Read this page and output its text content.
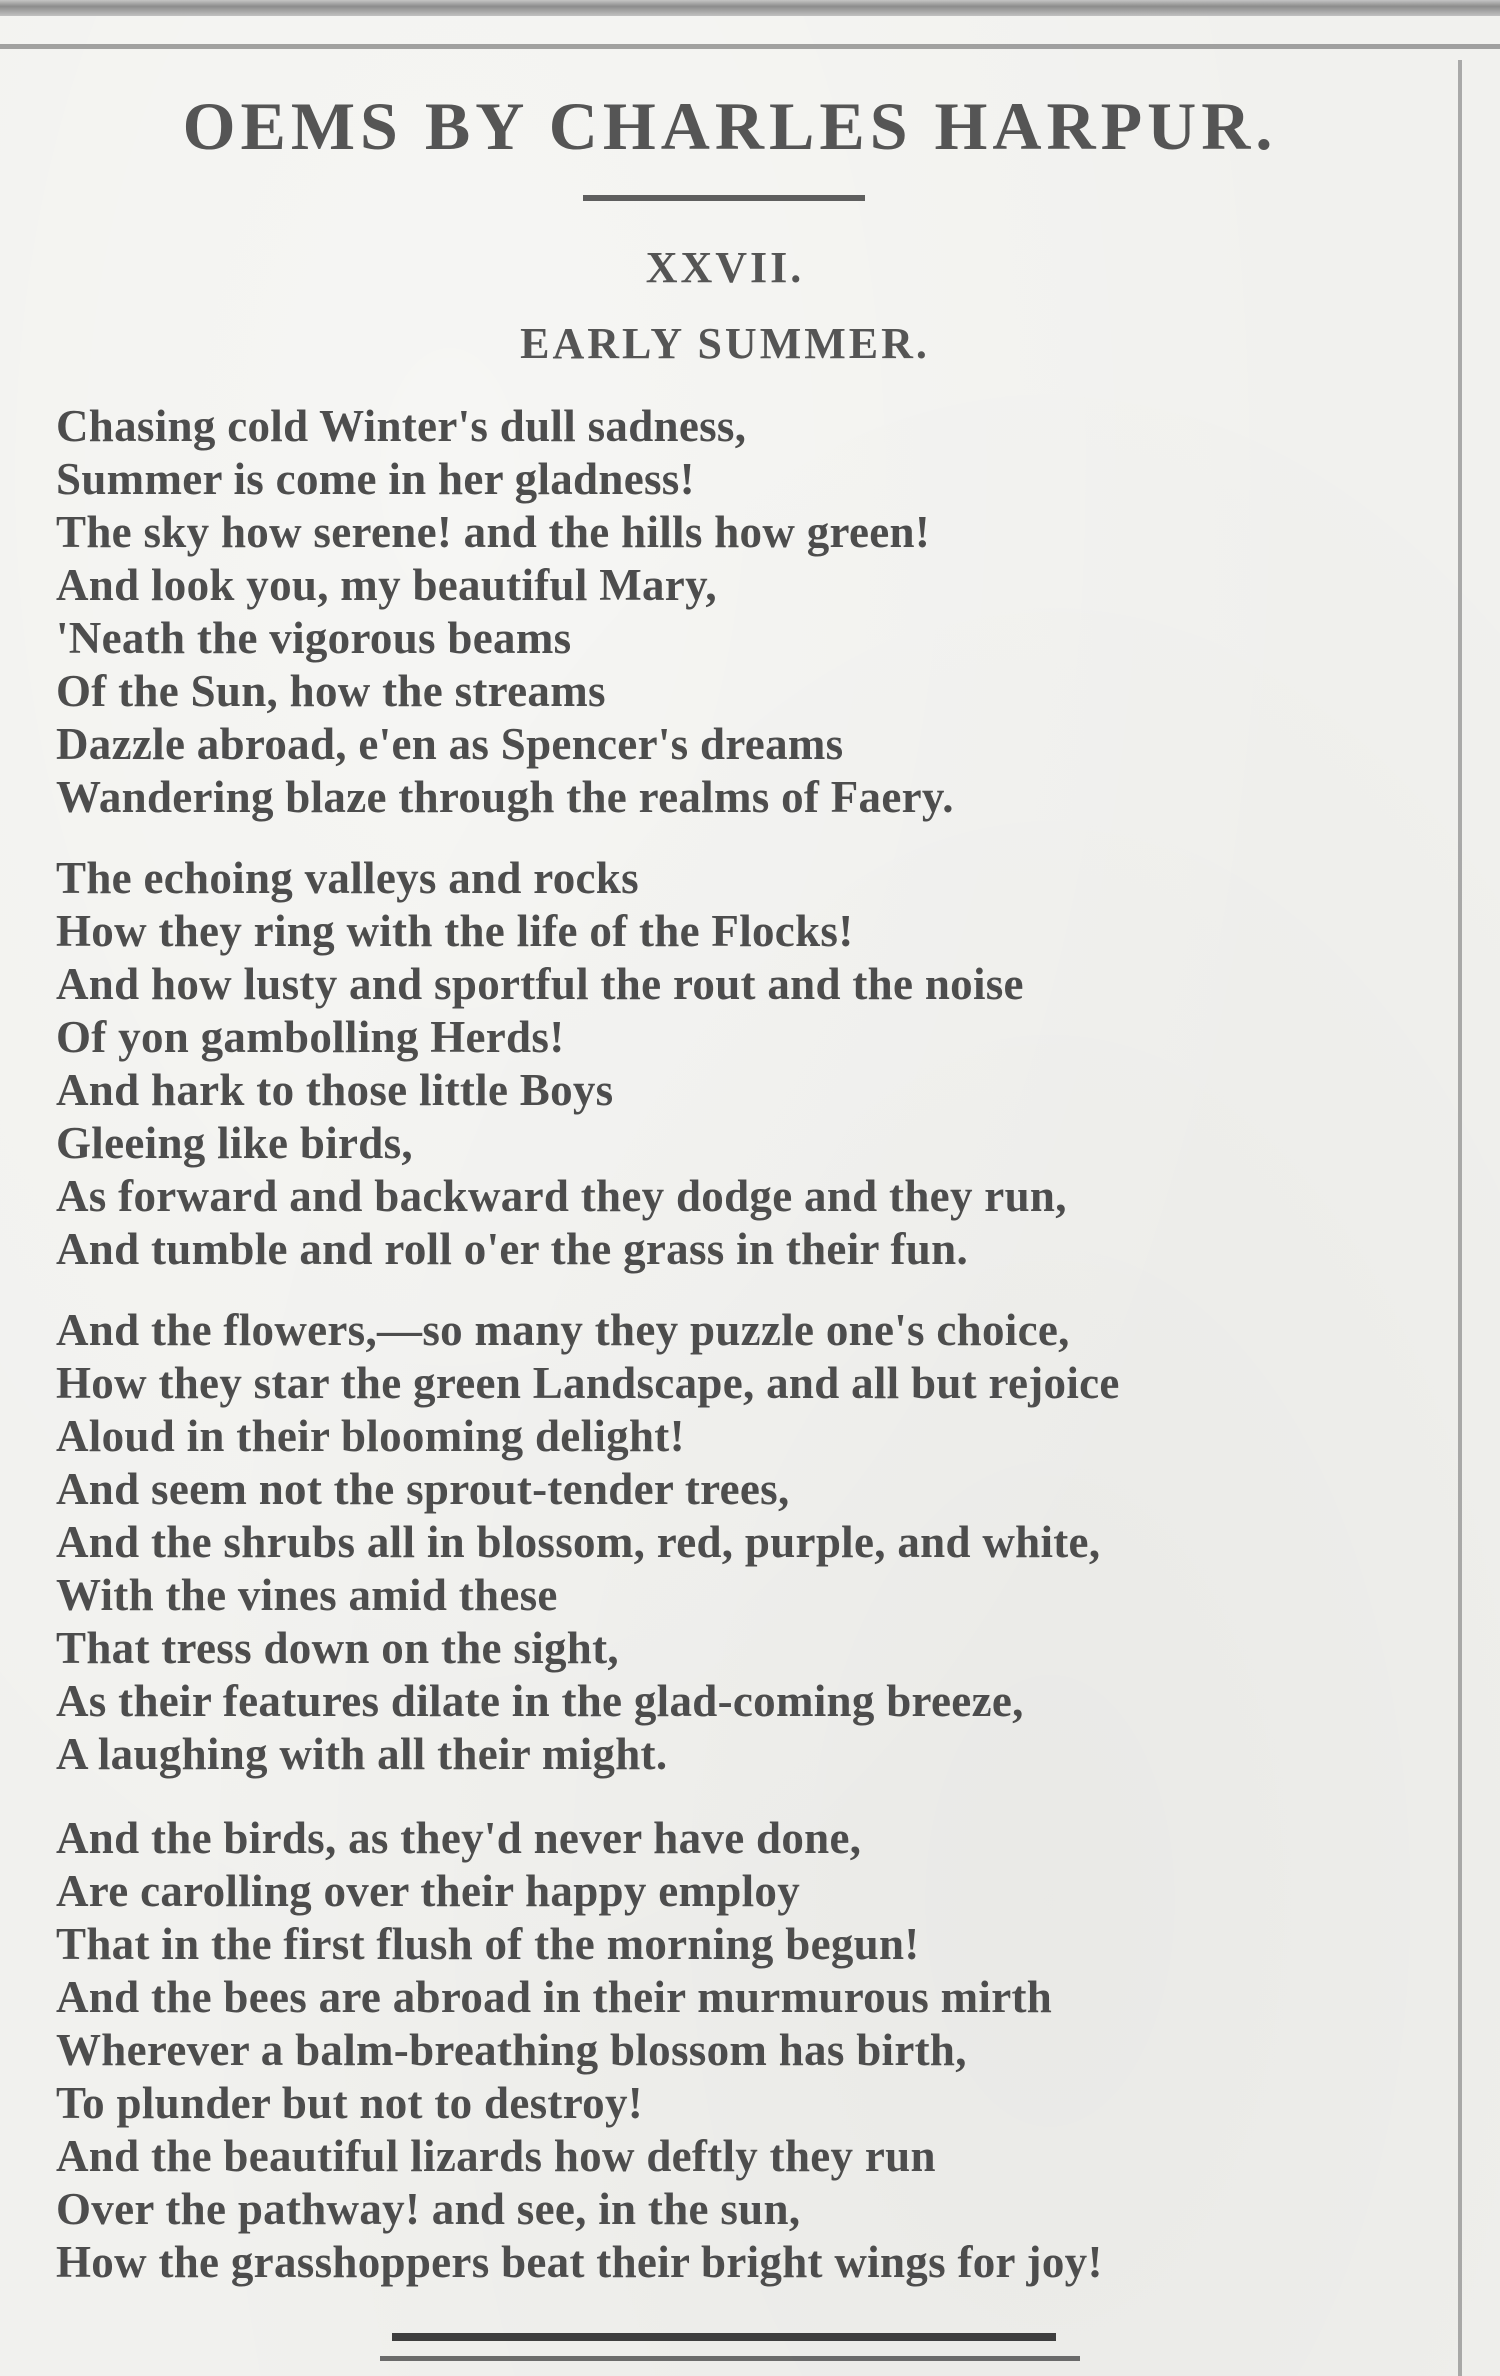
OEMS BY CHARLES HARPUR.
XXVII.
EARLY SUMMER.
Chasing cold Winter's dull sadness,
Summer is come in her gladness!
The sky how serene! and the hills how green!
And look you, my beautiful Mary,
'Neath the vigorous beams
Of the Sun, how the streams
Dazzle abroad, e'en as Spencer's dreams
Wandering blaze through the realms of Faery.
The echoing valleys and rocks
How they ring with the life of the Flocks!
And how lusty and sportful the rout and the noise
Of yon gambolling Herds!
And hark to those little Boys
Gleeing like birds,
As forward and backward they dodge and they run,
And tumble and roll o'er the grass in their fun.
And the flowers,—so many they puzzle one's choice,
How they star the green Landscape, and all but rejoice
Aloud in their blooming delight!
And seem not the sprout-tender trees,
And the shrubs all in blossom, red, purple, and white,
With the vines amid these
That tress down on the sight,
As their features dilate in the glad-coming breeze,
A laughing with all their might.
And the birds, as they'd never have done,
Are carolling over their happy employ
That in the first flush of the morning begun!
And the bees are abroad in their murmurous mirth
Wherever a balm-breathing blossom has birth,
To plunder but not to destroy!
And the beautiful lizards how deftly they run
Over the pathway! and see, in the sun,
How the grasshoppers beat their bright wings for joy!
